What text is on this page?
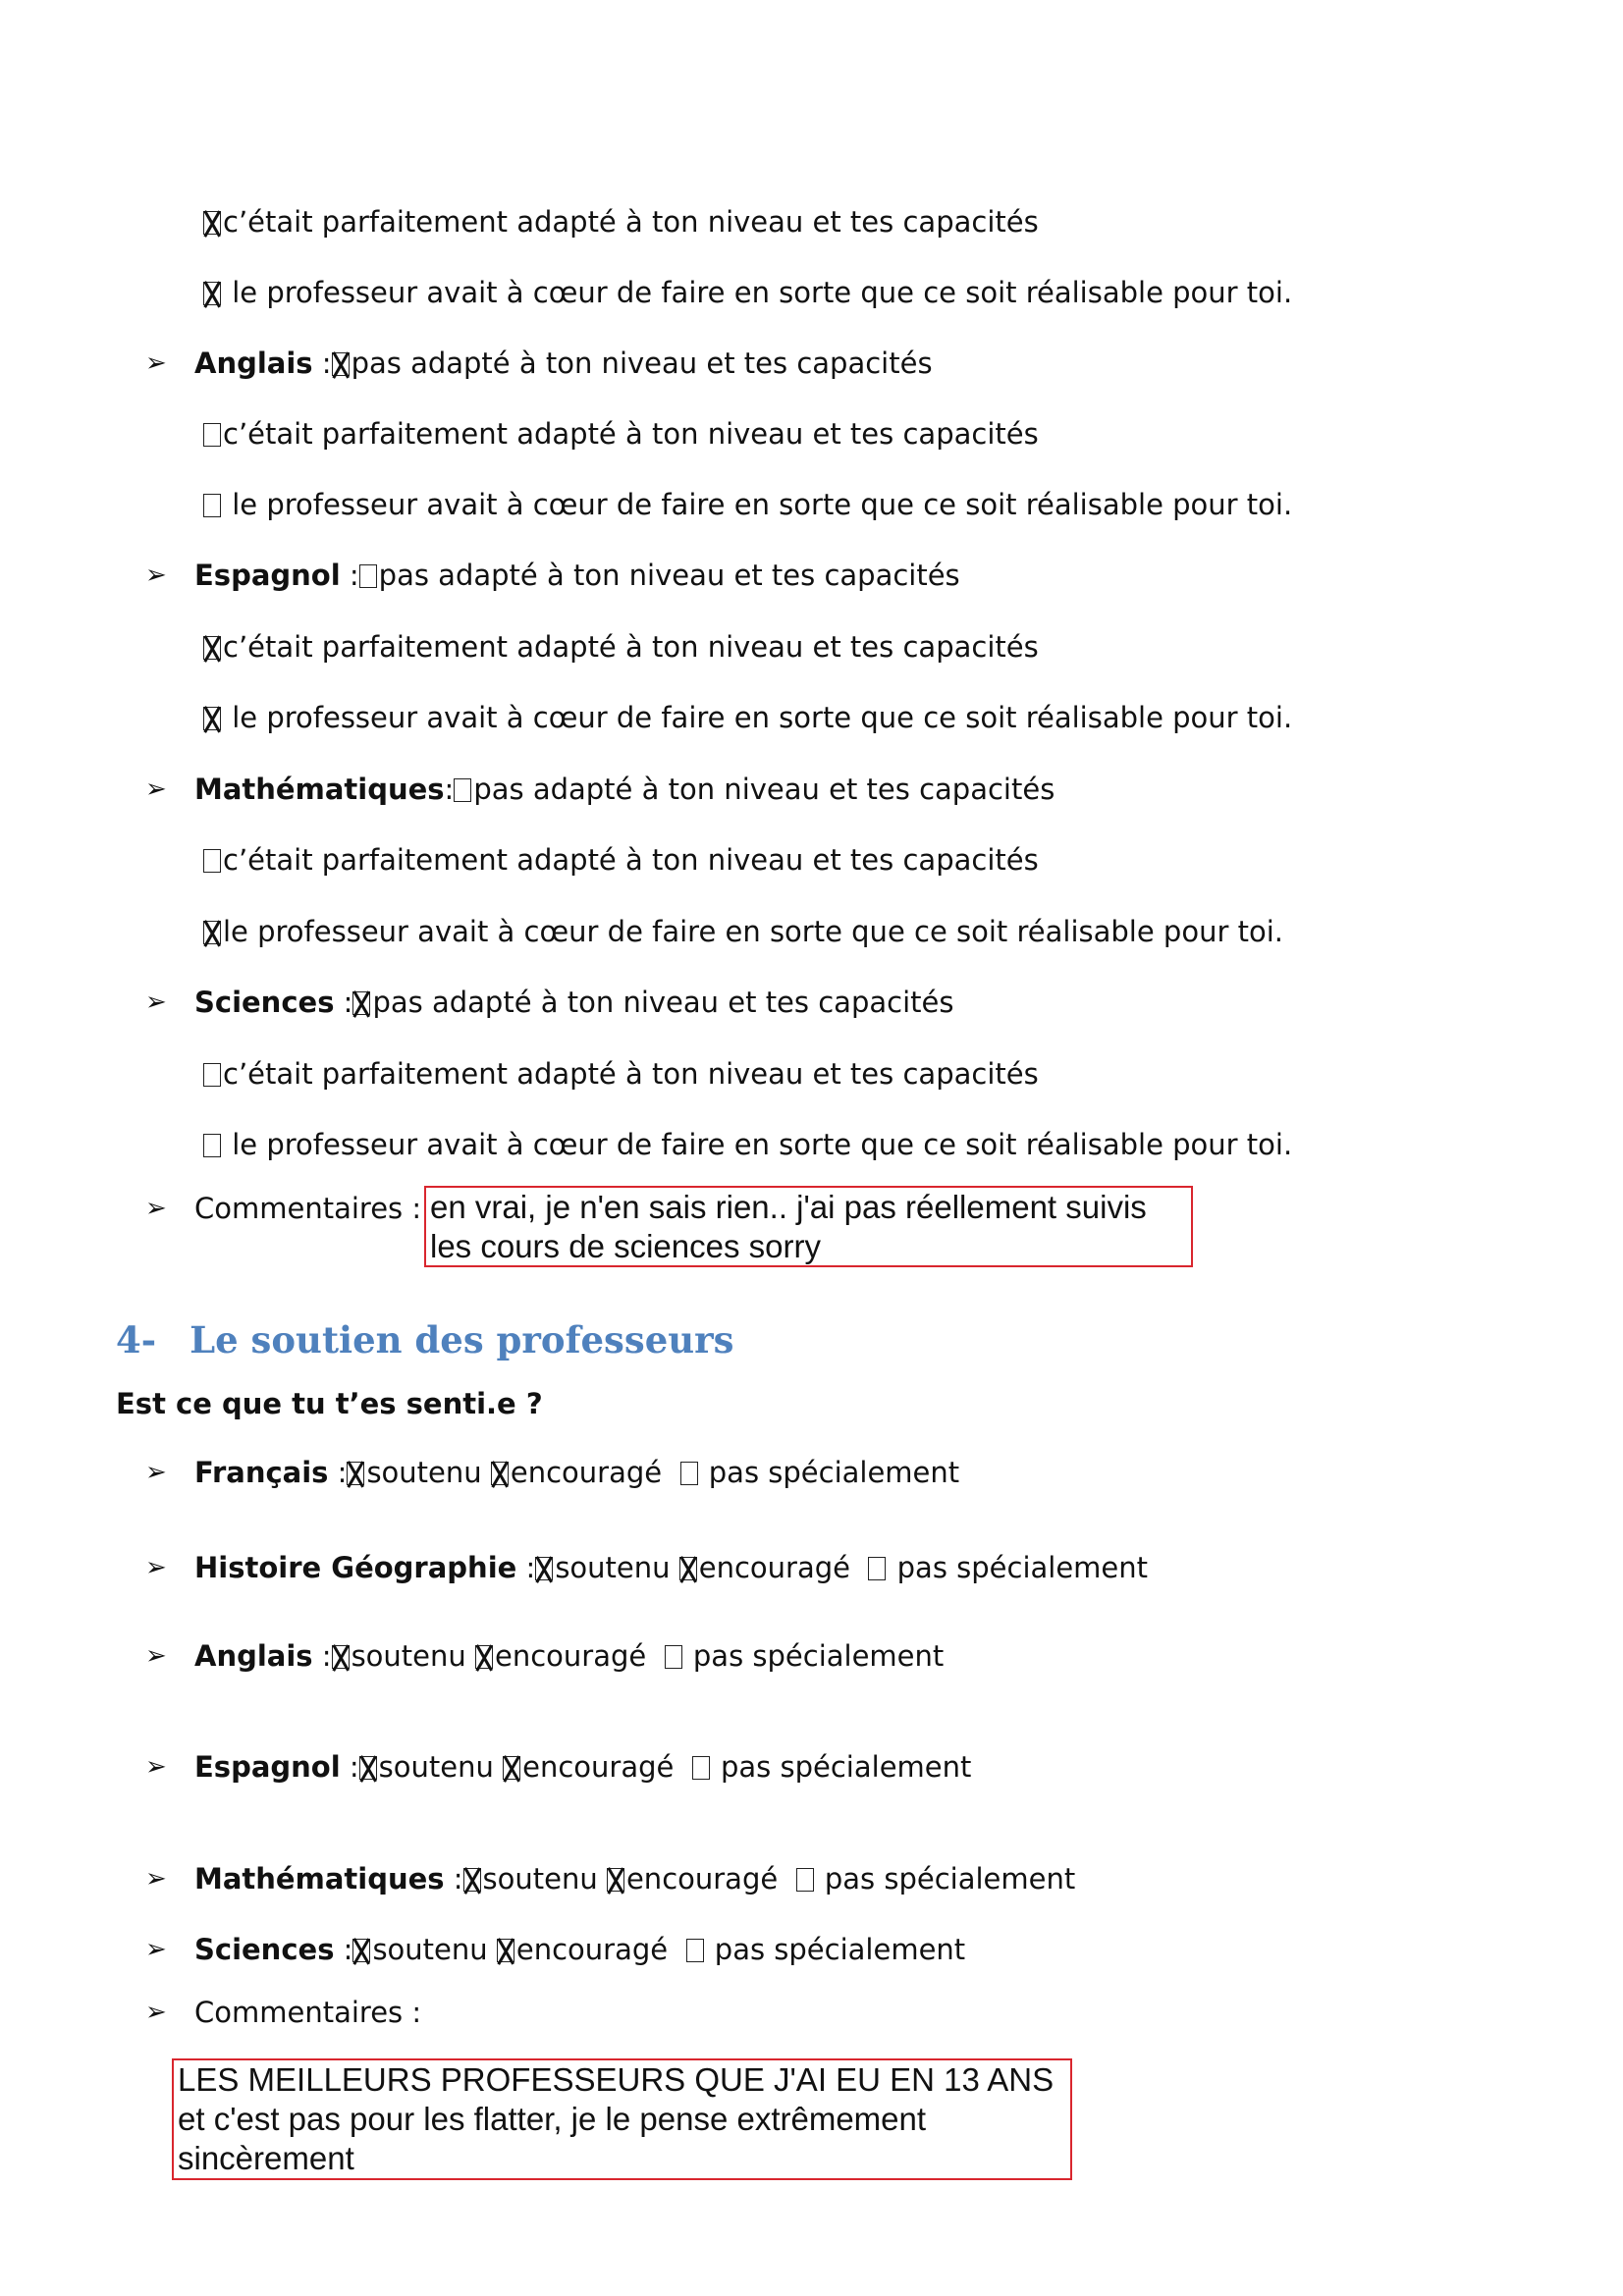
c’était parfaitement adapté à ton niveau et tes capacités
le professeur avait à cœur de faire en sorte que ce soit réalisable pour toi.
➢ Anglais : pas adapté à ton niveau et tes capacités
c’était parfaitement adapté à ton niveau et tes capacités
le professeur avait à cœur de faire en sorte que ce soit réalisable pour toi.
➢ Espagnol : pas adapté à ton niveau et tes capacités
c’était parfaitement adapté à ton niveau et tes capacités
le professeur avait à cœur de faire en sorte que ce soit réalisable pour toi.
➢ Mathématiques: pas adapté à ton niveau et tes capacités
c’était parfaitement adapté à ton niveau et tes capacités
le professeur avait à cœur de faire en sorte que ce soit réalisable pour toi.
➢ Sciences : pas adapté à ton niveau et tes capacités
c’était parfaitement adapté à ton niveau et tes capacités
le professeur avait à cœur de faire en sorte que ce soit réalisable pour toi.
➢ Commentaires : en vrai, je n'en sais rien.. j'ai pas réellement suivis les cours de sciences sorry
4- Le soutien des professeurs
Est ce que tu t’es senti.e ?
➢ Français : soutenu encouragé pas spécialement
➢ Histoire Géographie : soutenu encouragé pas spécialement
➢ Anglais : soutenu encouragé pas spécialement
➢ Espagnol : soutenu encouragé pas spécialement
➢ Mathématiques : soutenu encouragé pas spécialement
➢ Sciences : soutenu encouragé pas spécialement
➢ Commentaires :
LES MEILLEURS PROFESSEURS QUE J'AI EU EN 13 ANS et c'est pas pour les flatter, je le pense extrêmement sincèrement
